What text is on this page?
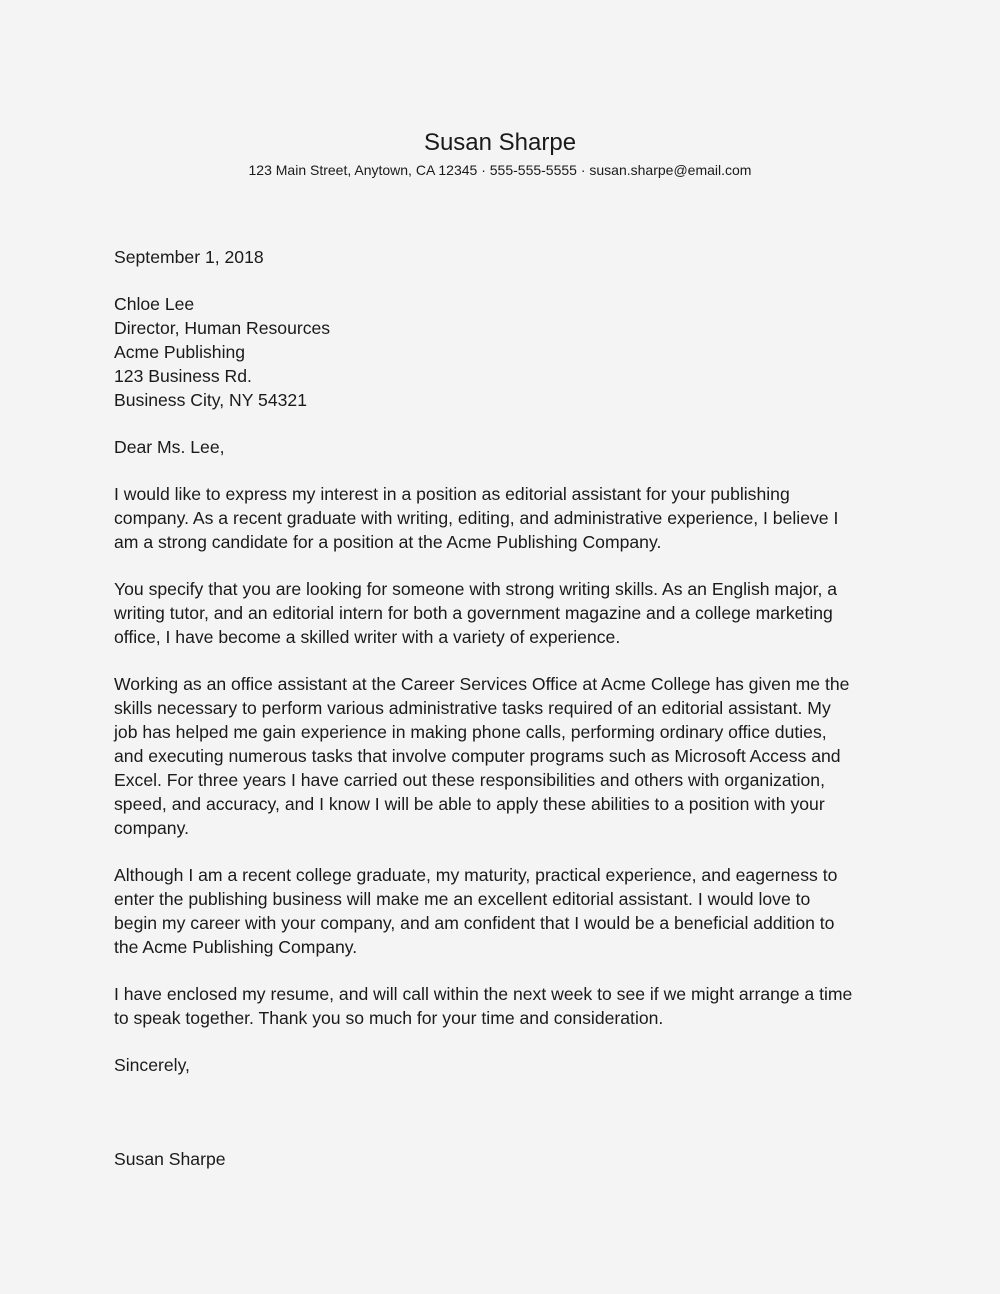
Susan Sharpe
123 Main Street, Anytown, CA 12345 · 555-555-5555 · susan.sharpe@email.com
September 1, 2018
Chloe Lee
Director, Human Resources
Acme Publishing
123 Business Rd.
Business City, NY 54321
Dear Ms. Lee,
I would like to express my interest in a position as editorial assistant for your publishing
company. As a recent graduate with writing, editing, and administrative experience, I believe I
am a strong candidate for a position at the Acme Publishing Company.
You specify that you are looking for someone with strong writing skills. As an English major, a
writing tutor, and an editorial intern for both a government magazine and a college marketing
office, I have become a skilled writer with a variety of experience.
Working as an office assistant at the Career Services Office at Acme College has given me the
skills necessary to perform various administrative tasks required of an editorial assistant. My
job has helped me gain experience in making phone calls, performing ordinary office duties,
and executing numerous tasks that involve computer programs such as Microsoft Access and
Excel. For three years I have carried out these responsibilities and others with organization,
speed, and accuracy, and I know I will be able to apply these abilities to a position with your
company.
Although I am a recent college graduate, my maturity, practical experience, and eagerness to
enter the publishing business will make me an excellent editorial assistant. I would love to
begin my career with your company, and am confident that I would be a beneficial addition to
the Acme Publishing Company.
I have enclosed my resume, and will call within the next week to see if we might arrange a time
to speak together. Thank you so much for your time and consideration.
Sincerely,
Susan Sharpe
